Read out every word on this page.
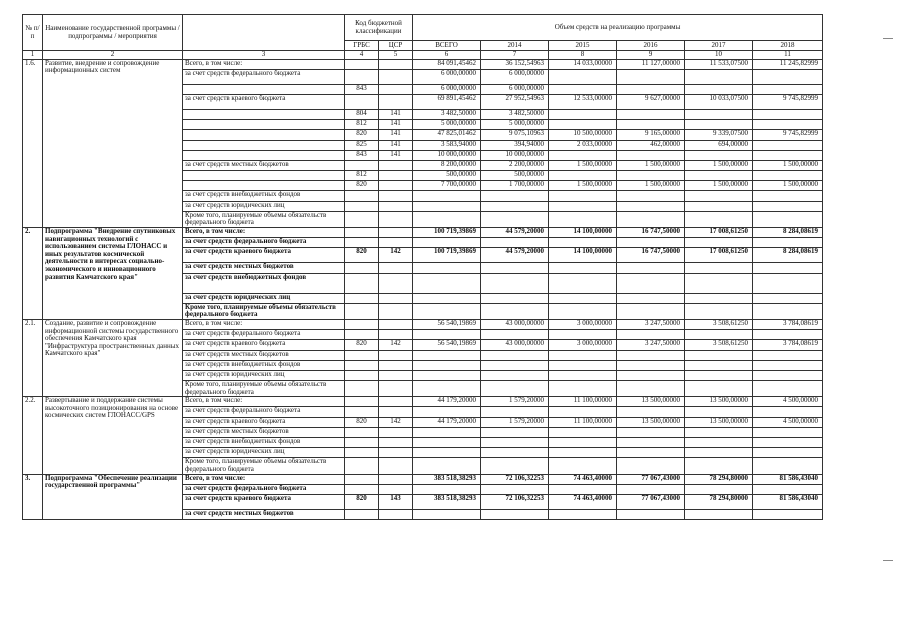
№ п/п	Наименование государственной программы / подпрограммы / мероприятия		Код бюджетной классификации		Объем средств на реализацию программы					
			ГРБС	ЦСР	ВСЕГО	2014	2015	2016	2017	2018
1	2	3	4	5	6	7	8	9	10	11
1.6.	Развитие, внедрение и сопровождение информационных систем	Всего, в том числе:			84 091,45462	36 152,54963	14 033,00000	11 127,00000	11 533,07500	11 245,82999
		за счет средств федерального бюджета			6 000,00000	6 000,00000				
			843		6 000,00000	6 000,00000				
		за счет средств краевого бюджета			69 891,45462	27 952,54963	12 533,00000	9 627,00000	10 033,07500	9 745,82999
			804	141	3 482,50000	3 482,50000				
			812	141	5 000,00000	5 000,00000				
			820	141	47 825,01462	9 075,10963	10 500,00000	9 165,00000	9 339,07500	9 745,82999
			825	141	3 583,94000	394,94000	2 033,00000	462,00000	694,00000	
			843	141	10 000,00000	10 000,00000				
		за счет средств местных бюджетов			8 200,00000	2 200,00000	1 500,00000	1 500,00000	1 500,00000	1 500,00000
			812		500,00000	500,00000				
			820		7 700,00000	1 700,00000	1 500,00000	1 500,00000	1 500,00000	1 500,00000
		за счет средств внебюджетных фондов								
		за счет средств юридических лиц								
		Кроме того, планируемые объемы обязательств федерального бюджета								
2.	Подпрограмма "Внедрение спутниковых навигационных технологий с использованием системы ГЛОНАСС и иных результатов космической деятельности в интересах социально-экономического и инновационного развития Камчатского края"	Всего, в том числе:			100 719,39869	44 579,20000	14 100,00000	16 747,50000	17 008,61250	8 284,08619
		за счет средств федерального бюджета								
		за счет средств краевого бюджета	820	142	100 719,39869	44 579,20000	14 100,00000	16 747,50000	17 008,61250	8 284,08619
		за счет средств местных бюджетов								
		за счет средств внебюджетных фондов								
		за счет средств юридических лиц								
		Кроме того, планируемые объемы обязательств федерального бюджета								
2.1.	Создание, развитие и сопровождение информационной системы государственного обеспечения Камчатского края "Инфраструктура пространственных данных Камчатского края"	Всего, в том числе:			56 540,19869	43 000,00000	3 000,00000	3 247,50000	3 508,61250	3 784,08619
		за счет средств федерального бюджета								
		за счет средств краевого бюджета	820	142	56 540,19869	43 000,00000	3 000,00000	3 247,50000	3 508,61250	3 784,08619
		за счет средств местных бюджетов								
		за счет средств внебюджетных фондов								
		за счет средств юридических лиц								
		Кроме того, планируемые объемы обязательств федерального бюджета								
2.2.	Развертывание и поддержание системы высокоточного позиционирования на основе космических систем ГЛОНАСС/GPS	Всего, в том числе:			44 179,20000	1 579,20000	11 100,00000	13 500,00000	13 500,00000	4 500,00000
		за счет средств федерального бюджета								
		за счет средств краевого бюджета	820	142	44 179,20000	1 579,20000	11 100,00000	13 500,00000	13 500,00000	4 500,00000
		за счет средств местных бюджетов								
		за счет средств внебюджетных фондов								
		за счет средств юридических лиц								
		Кроме того, планируемые объемы обязательств федерального бюджета								
3.	Подпрограмма "Обеспечение реализации государственной программы"	Всего, в том числе:			383 518,38293	72 106,32253	74 463,40000	77 067,43000	78 294,80000	81 586,43040
		за счет средств федерального бюджета								
		за счет средств краевого бюджета	820	143	383 518,38293	72 106,32253	74 463,40000	77 067,43000	78 294,80000	81 586,43040
		за счет средств местных бюджетов								
